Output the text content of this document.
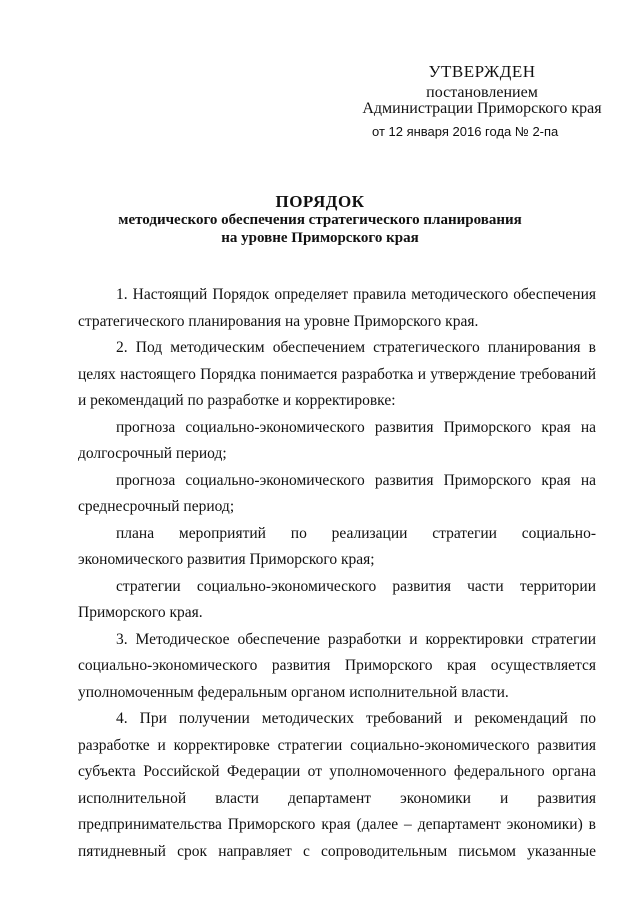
УТВЕРЖДЕН
постановлением
Администрации Приморского края
от 12 января 2016 года № 2-па
ПОРЯДОК
методического обеспечения стратегического планирования
на уровне Приморского края

1. Настоящий Порядок определяет правила методического обеспечения стратегического планирования на уровне Приморского края.

2. Под методическим обеспечением стратегического планирования в целях настоящего Порядка понимается разработка и утверждение требований и рекомендаций по разработке и корректировке:

прогноза социально-экономического развития Приморского края на долгосрочный период;

прогноза социально-экономического развития Приморского края на среднесрочный период;

плана мероприятий по реализации стратегии социально-экономического развития Приморского края;

стратегии социально-экономического развития части территории Приморского края.

3. Методическое обеспечение разработки и корректировки стратегии социально-экономического развития Приморского края осуществляется уполномоченным федеральным органом исполнительной власти.

4. При получении методических требований и рекомендаций по разработке и корректировке стратегии социально-экономического развития субъекта Российской Федерации от уполномоченного федерального органа исполнительной власти департамент экономики и развития предпринимательства Приморского края (далее – департамент экономики) в пятидневный срок направляет с сопроводительным письмом указанные
